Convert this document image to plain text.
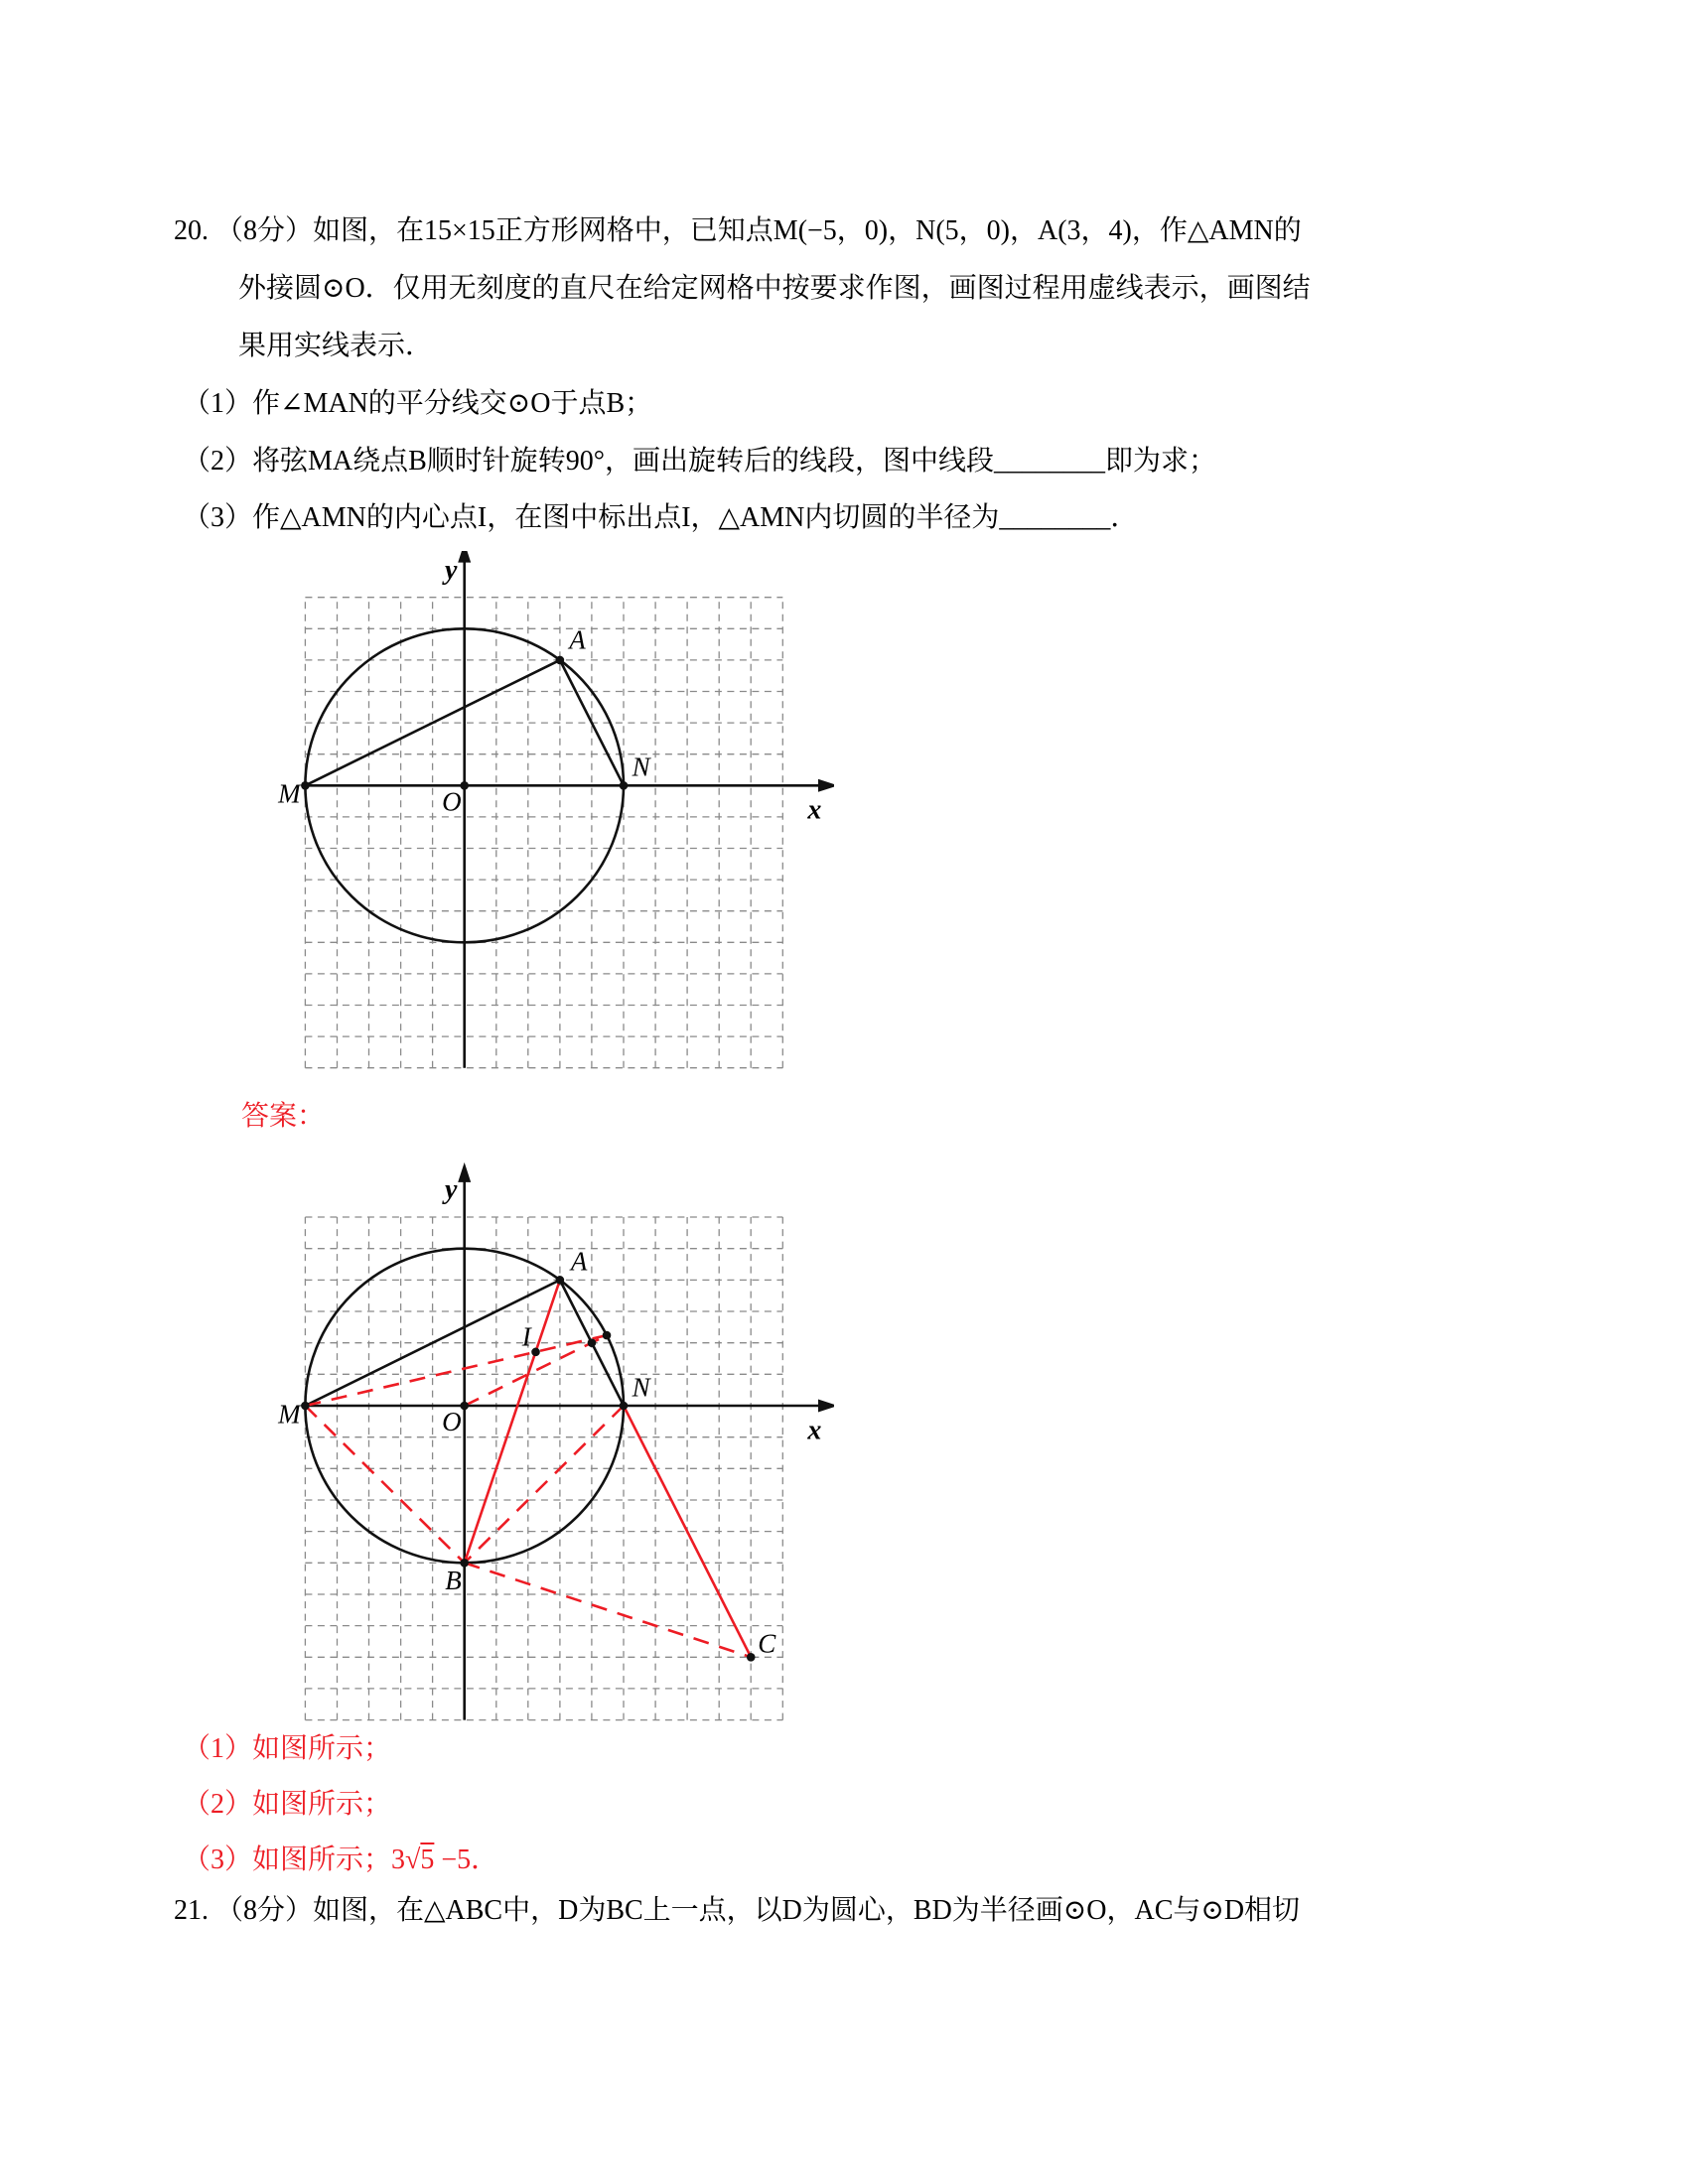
20. （8分）如图，在15×15正方形网格中，已知点M(−5，0)，N(5，0)，A(3，4)，作△AMN的
外接圆⊙O．仅用无刻度的直尺在给定网格中按要求作图，画图过程用虚线表示，画图结
果用实线表示．
（1）作∠MAN的平分线交⊙O于点B；
（2）将弦MA绕点B顺时针旋转90°，画出旋转后的线段，图中线段________即为求；
（3）作△AMN的内心点I，在图中标出点I，△AMN内切圆的半径为________．
y
x
M	O
A
N
答案：
y
x
M	O
A
N
I
B
C
（1）如图所示；
（2）如图所示；
（3）如图所示；3√5 −5．
21. （8分）如图，在△ABC中，D为BC上一点，以D为圆心，BD为半径画⊙O，AC与⊙D相切
